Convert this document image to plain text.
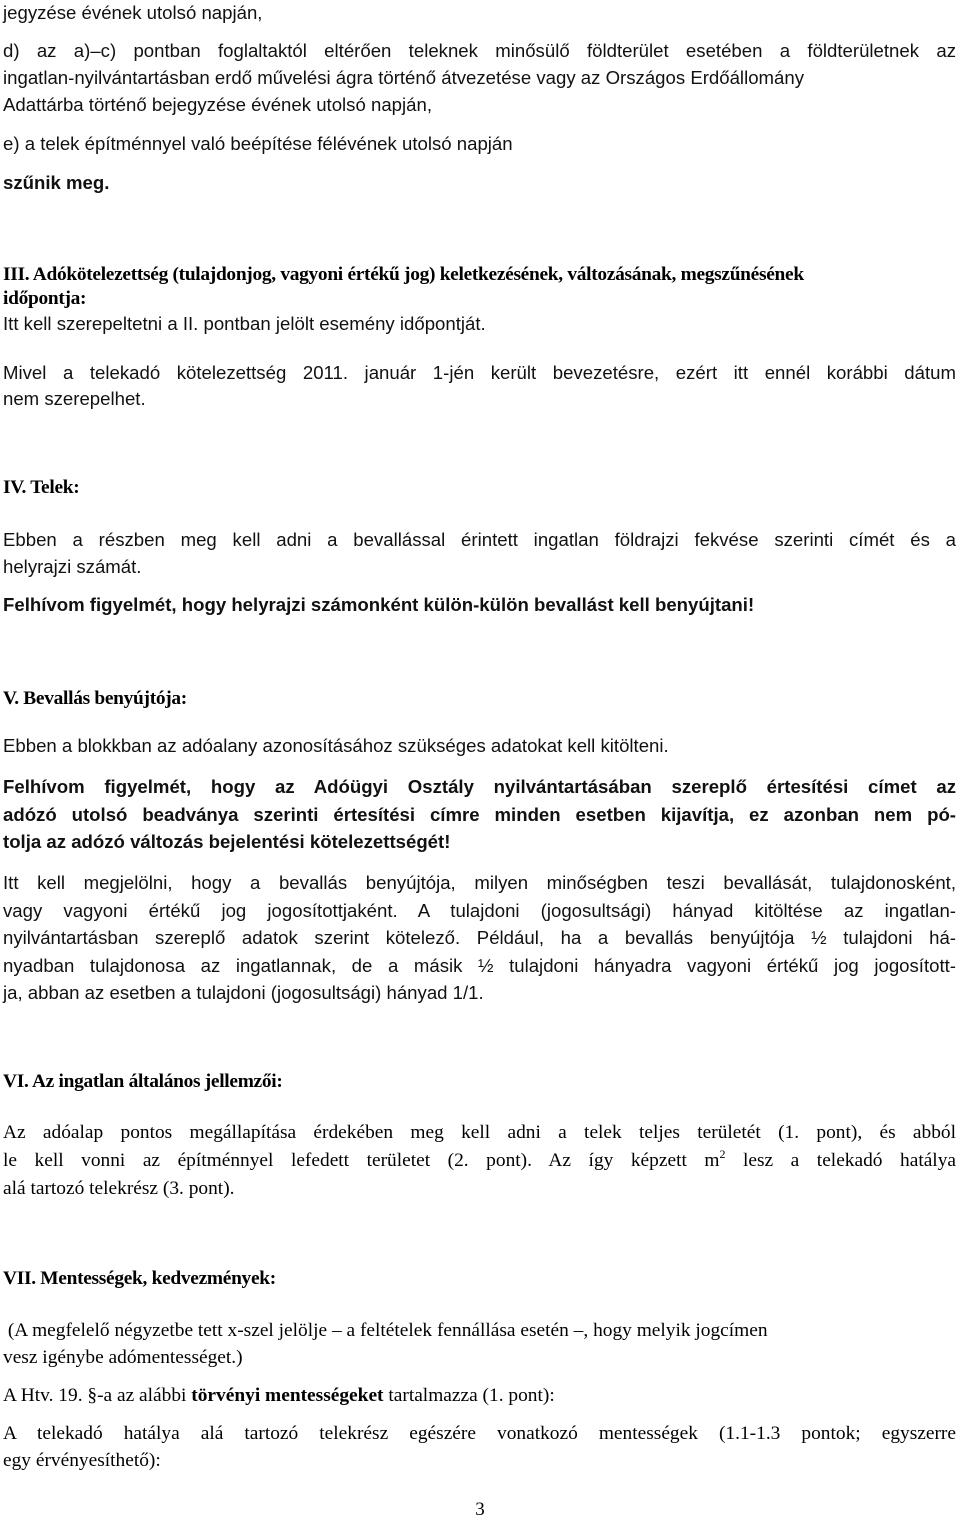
jegyzése évének utolsó napján,

d) az a)–c) pontban foglaltaktól eltérően teleknek minősülő földterület esetében a földterületnek az

ingatlan-nyilvántartásban erdő művelési ágra történő átvezetése vagy az Országos Erdőállomány

Adattárba történő bejegyzése évének utolsó napján,

e) a telek építménnyel való beépítése félévének utolsó napján

szűnik meg.

III. Adókötelezettség (tulajdonjog, vagyoni értékű jog) keletkezésének, változásának, megszűnésének

időpontja:

Itt kell szerepeltetni a II. pontban jelölt esemény időpontját.

Mivel a telekadó kötelezettség 2011. január 1-jén került bevezetésre, ezért itt ennél korábbi dátum

nem szerepelhet.

IV. Telek:

Ebben a részben meg kell adni a bevallással érintett ingatlan földrajzi fekvése szerinti címét és a

helyrajzi számát.

Felhívom figyelmét, hogy helyrajzi számonként külön-külön bevallást kell benyújtani!

V. Bevallás benyújtója:

Ebben a blokkban az adóalany azonosításához szükséges adatokat kell kitölteni.

Felhívom figyelmét, hogy az Adóügyi Osztály nyilvántartásában szereplő értesítési címet az

adózó utolsó beadványa szerinti értesítési címre minden esetben kijavítja, ez azonban nem pó-

tolja az adózó változás bejelentési kötelezettségét!

Itt kell megjelölni, hogy a bevallás benyújtója, milyen minőségben teszi bevallását, tulajdonosként,

vagy vagyoni értékű jog jogosítottjaként. A tulajdoni (jogosultsági) hányad kitöltése az ingatlan-

nyilvántartásban szereplő adatok szerint kötelező. Például, ha a bevallás benyújtója ½ tulajdoni há-

nyadban tulajdonosa az ingatlannak, de a másik ½ tulajdoni hányadra vagyoni értékű jog jogosított-

ja, abban az esetben a tulajdoni (jogosultsági) hányad 1/1.

VI. Az ingatlan általános jellemzői:

Az adóalap pontos megállapítása érdekében meg kell adni a telek teljes területét (1. pont), és abból

le kell vonni az építménnyel lefedett területet (2. pont). Az így képzett $m^2$ lesz a telekadó hatálya

alá tartozó telekrész (3. pont).

VII. Mentességek, kedvezmények:

(A megfelelő négyzetbe tett x-szel jelölje – a feltételek fennállása esetén –, hogy melyik jogcímen

vesz igénybe adómentességet.)

A Htv. 19. §-a az alábbi törvényi mentességeket tartalmazza (1. pont):

A telekadó hatálya alá tartozó telekrész egészére vonatkozó mentességek (1.1-1.3 pontok; egyszerre

egy érvényesíthető):

3
